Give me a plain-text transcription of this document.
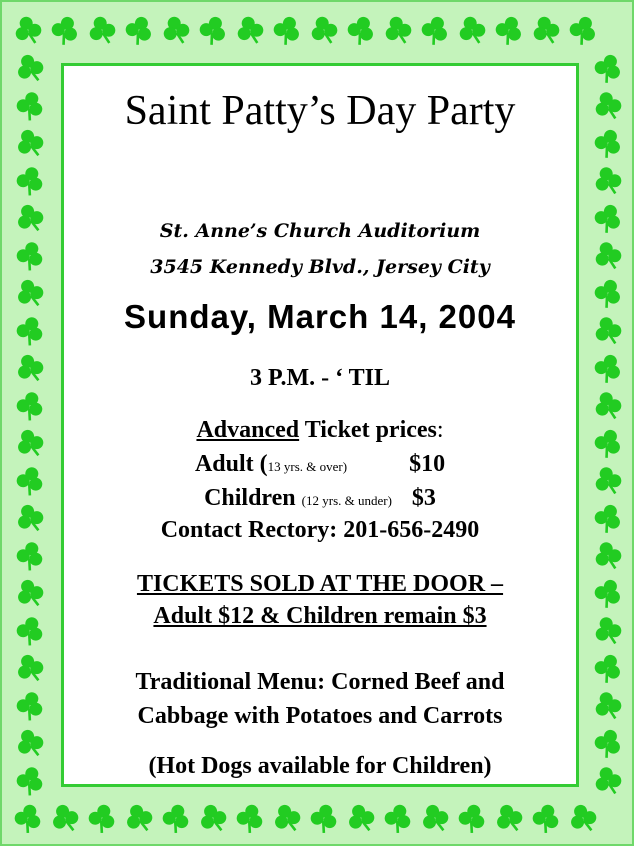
Saint Patty’s Day Party
St. Anne’s Church Auditorium
3545 Kennedy Blvd., Jersey City
Sunday, March 14, 2004
3 P.M. - ‘ TIL
Advanced Ticket prices:
Adult (13 yrs. & over)	$10
Children (12 yrs. & under) $3
Contact Rectory: 201-656-2490
TICKETS SOLD AT THE DOOR –
Adult $12 & Children remain $3
Traditional Menu: Corned Beef and
Cabbage with Potatoes and Carrots
(Hot Dogs available for Children)
